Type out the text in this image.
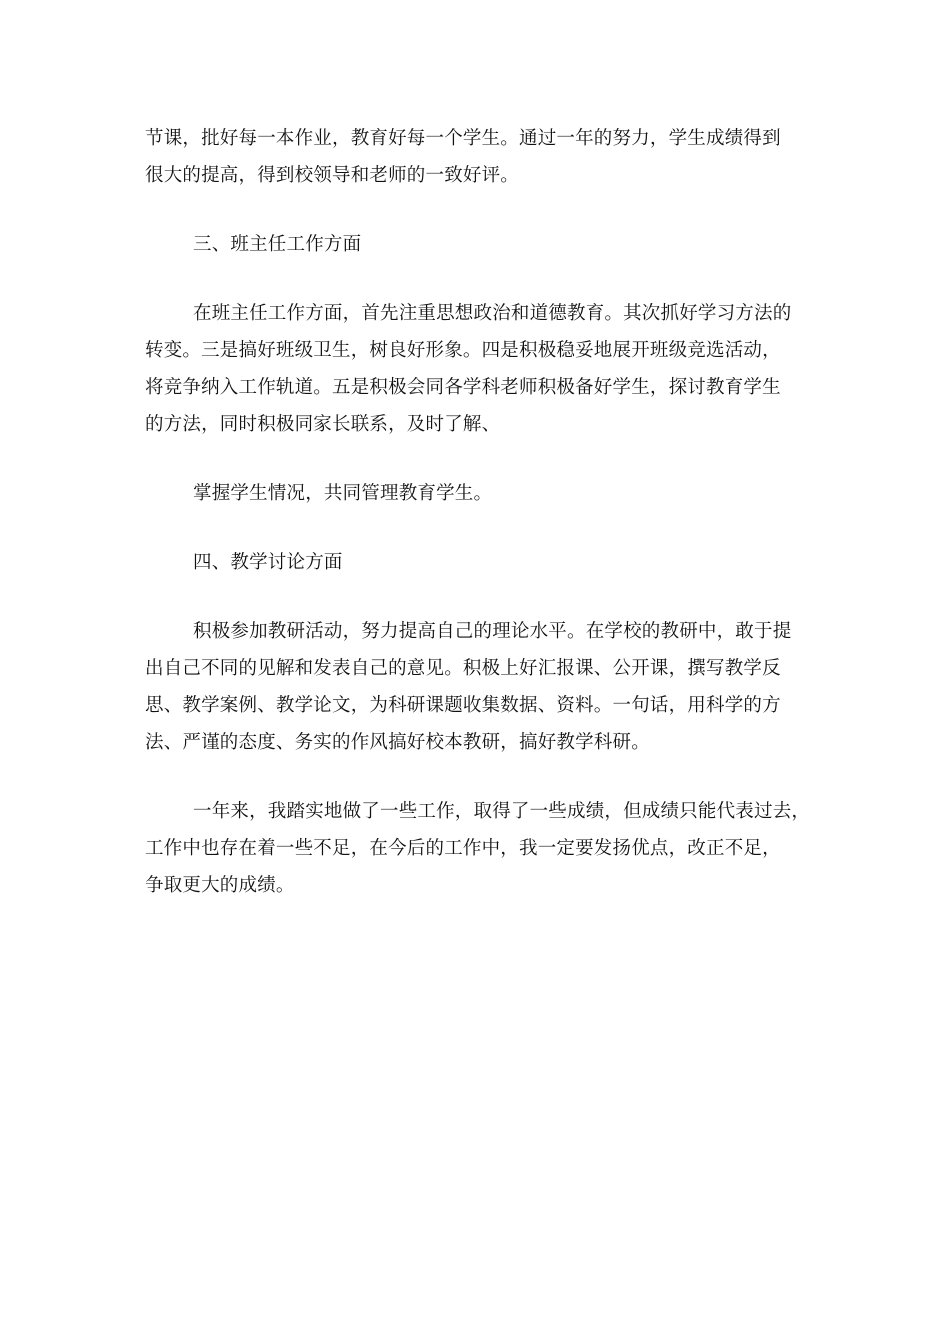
节课，批好每一本作业，教育好每一个学生。通过一年的努力，学生成绩得到
很大的提高，得到校领导和老师的一致好评。
三、班主任工作方面
在班主任工作方面，首先注重思想政治和道德教育。其次抓好学习方法的
转变。三是搞好班级卫生，树良好形象。四是积极稳妥地展开班级竞选活动，
将竞争纳入工作轨道。五是积极会同各学科老师积极备好学生，探讨教育学生
的方法，同时积极同家长联系，及时了解、
掌握学生情况，共同管理教育学生。
四、教学讨论方面
积极参加教研活动，努力提高自己的理论水平。在学校的教研中，敢于提
出自己不同的见解和发表自己的意见。积极上好汇报课、公开课，撰写教学反
思、教学案例、教学论文，为科研课题收集数据、资料。一句话，用科学的方
法、严谨的态度、务实的作风搞好校本教研，搞好教学科研。
一年来，我踏实地做了一些工作，取得了一些成绩，但成绩只能代表过去，
工作中也存在着一些不足，在今后的工作中，我一定要发扬优点，改正不足，
争取更大的成绩。
